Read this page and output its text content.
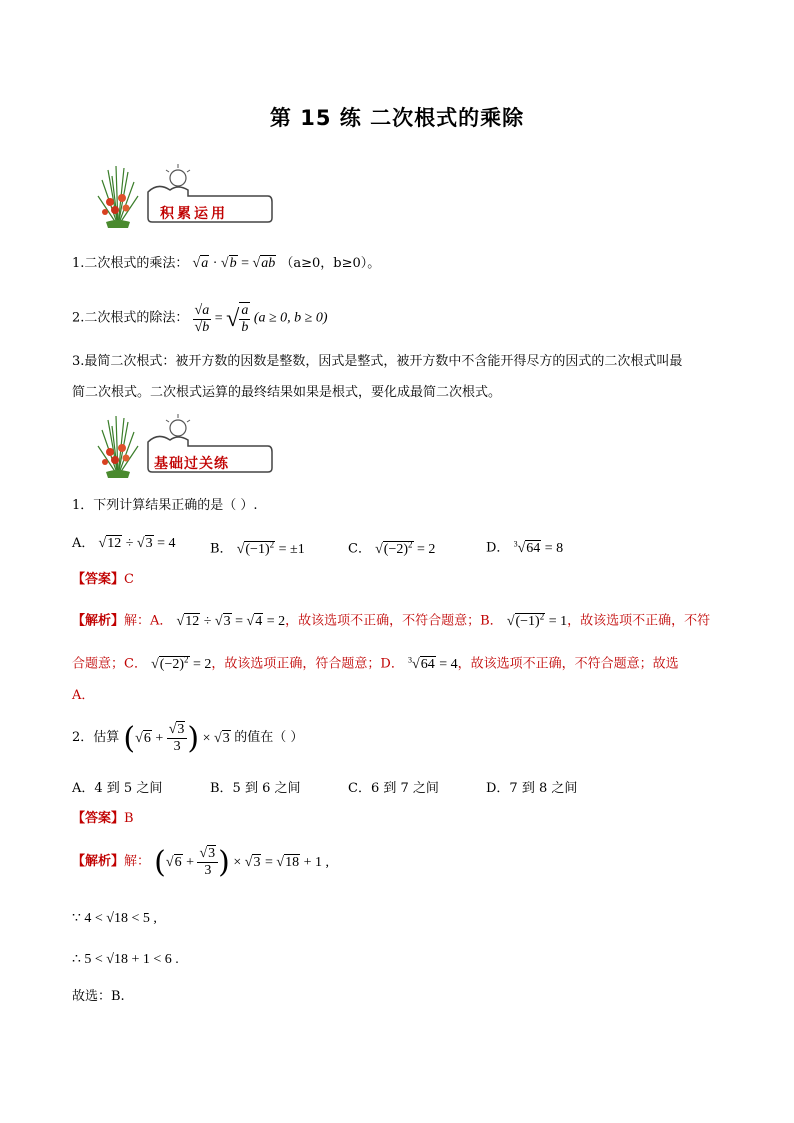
第 15 练 二次根式的乘除
积累运用
1.二次根式的乘法： √a · √b = √ab （a≥0，b≥0）。
2.二次根式的除法： $\frac{√a}{√b}$ = √ $\frac{a}{b} (a \ge 0$, b ≥ 0)
3.最简二次根式：被开方数的因数是整数，因式是整式，被开方数中不含能开得尽方的因式的二次根式叫最
简二次根式。二次根式运算的最终结果如果是根式，要化成最简二次根式。
基础过关练
1．下列计算结果正确的是（ ）.
A． √12 ÷ √3 = 4	B． $√(-1)^2 = \pm 1$	C． $√(-2)^2 = 2$	D． $^3$√64 = 8
【答案】C
【解析】解：A． √12 ÷ √3 = √4 = 2，故该选项不正确，不符合题意；B． $√(-1)^2 = 1$，故该选项不正确，不符
合题意；C． $√(-2)^2 = 2$，故该选项正确，符合题意；D． $^3$√64 = 4，故该选项不正确，不符合题意；故选
A．
2．估算 ($√6 + \frac{√3}{3}$ ) × √3 的值在（ ）
A．4 到 5 之间	B．5 到 6 之间	C．6 到 7 之间	D．7 到 8 之间
【答案】B
【解析】解： ($√6 + \frac{√3}{3}$ ) × √3 = √18 + 1 ,
∵ 4 < √18 < 5 ,
∴ 5 < √18 + 1 < 6 .
故选：B.
